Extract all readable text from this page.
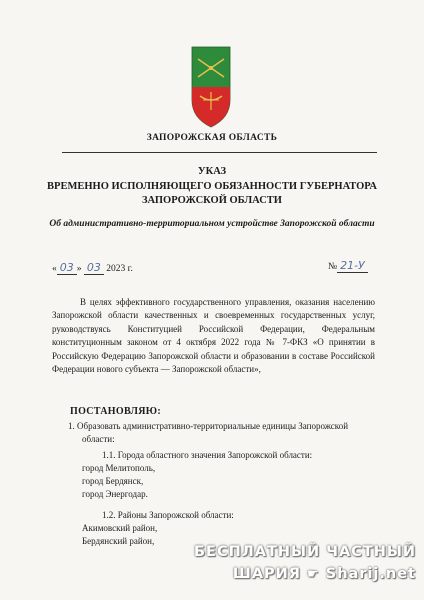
ЗАПОРОЖСКАЯ ОБЛАСТЬ
УКАЗ
ВРЕМЕННО ИСПОЛНЯЮЩЕГО ОБЯЗАННОСТИ ГУБЕРНАТОРА
ЗАПОРОЖСКОЙ ОБЛАСТИ
Об административно-территориальном устройстве Запорожской области
« 03 » 03 2023 г.	№ 21-У
В целях эффективного государственного управления, оказания населению Запорожской области качественных и своевременных государственных услуг, руководствуясь Конституцией Российской Федерации, Федеральным конституционным законом от 4 октября 2022 года № 7-ФКЗ «О принятии в Российскую Федерацию Запорожской области и образовании в составе Российской Федерации нового субъекта — Запорожской области»,
ПОСТАНОВЛЯЮ:
1. Образовать административно-территориальные единицы Запорожской
области:
1.1. Города областного значения Запорожской области:
город Мелитополь,
город Бердянск,
город Энергодар.
1.2. Районы Запорожской области:
Акимовский район,
Бердянский район,
БЕСПЛАТНЫЙ ЧАСТНЫЙ
ШАРИЯ ☛ Sharij.net
